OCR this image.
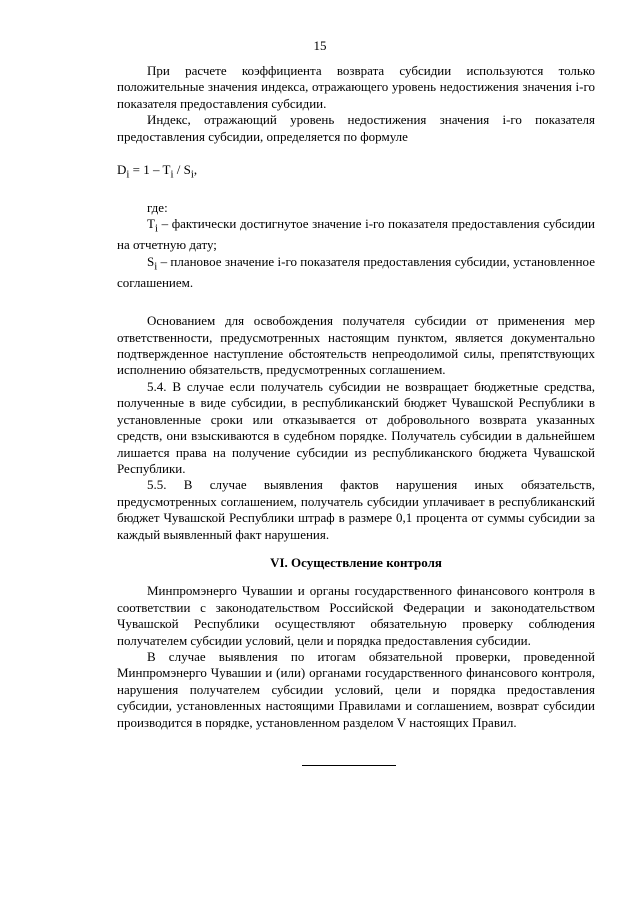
15

При расчете коэффициента возврата субсидии используются только положительные значения индекса, отражающего уровень недостижения значения i-го показателя предоставления субсидии.

Индекс, отражающий уровень недостижения значения i-го показателя предоставления субсидии, определяется по формуле

$D_i = 1 - T_i / S_i$,

где:

$T_i$ – фактически достигнутое значение i-го показателя предоставления субсидии на отчетную дату;

$S_i$ – плановое значение i-го показателя предоставления субсидии, установленное соглашением.

Основанием для освобождения получателя субсидии от применения мер ответственности, предусмотренных настоящим пунктом, является документально подтвержденное наступление обстоятельств непреодолимой силы, препятствующих исполнению обязательств, предусмотренных соглашением.

5.4. В случае если получатель субсидии не возвращает бюджетные средства, полученные в виде субсидии, в республиканский бюджет Чувашской Республики в установленные сроки или отказывается от добровольного возврата указанных средств, они взыскиваются в судебном порядке. Получатель субсидии в дальнейшем лишается права на получение субсидии из республиканского бюджета Чувашской Республики.

5.5. В случае выявления фактов нарушения иных обязательств, предусмотренных соглашением, получатель субсидии уплачивает в республиканский бюджет Чувашской Республики штраф в размере 0,1 процента от суммы субсидии за каждый выявленный факт нарушения.

VI. Осуществление контроля

Минпромэнерго Чувашии и органы государственного финансового контроля в соответствии с законодательством Российской Федерации и законодательством Чувашской Республики осуществляют обязательную проверку соблюдения получателем субсидии условий, цели и порядка предоставления субсидии.

В случае выявления по итогам обязательной проверки, проведенной Минпромэнерго Чувашии и (или) органами государственного финансового контроля, нарушения получателем субсидии условий, цели и порядка предоставления субсидии, установленных настоящими Правилами и соглашением, возврат субсидии производится в порядке, установленном разделом V настоящих Правил.
